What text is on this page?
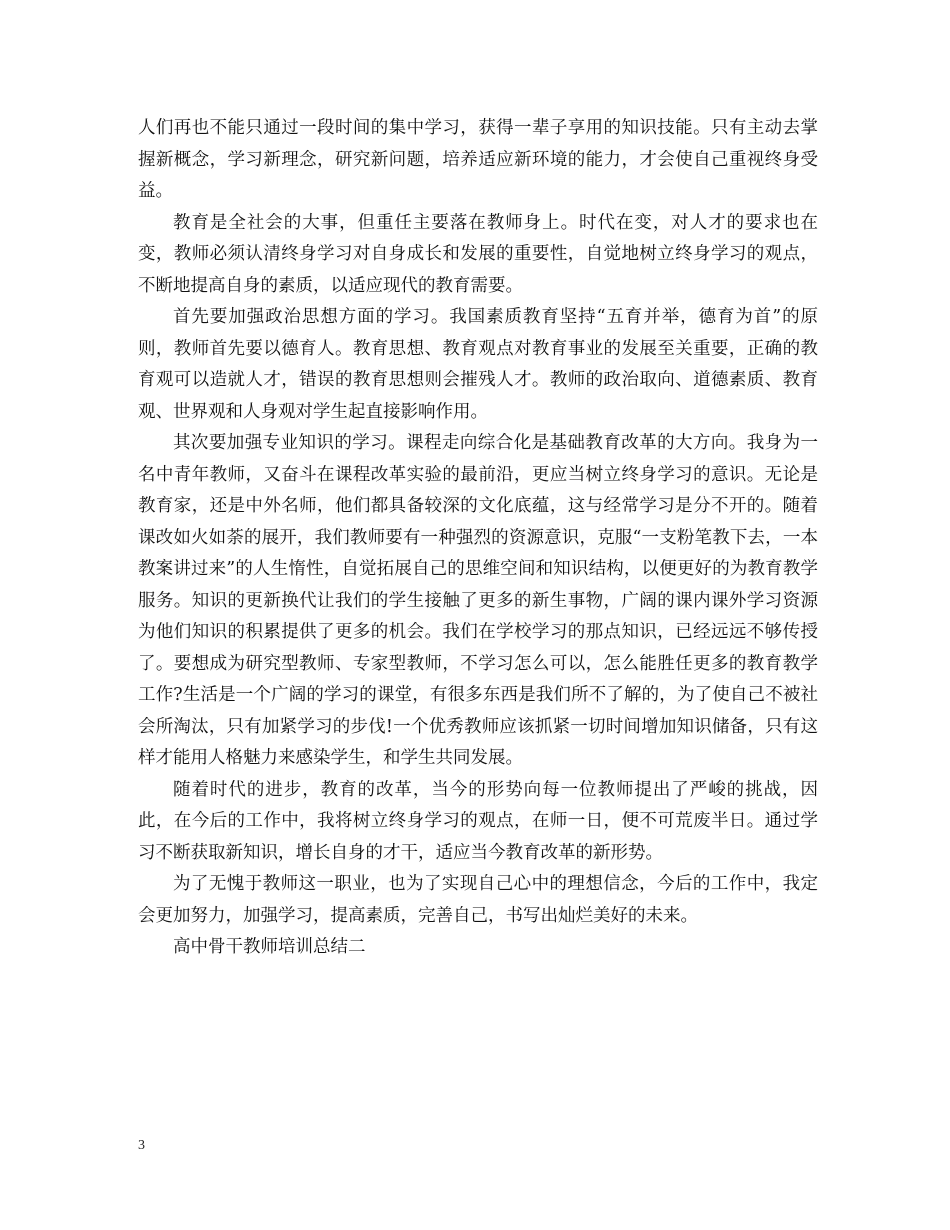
人们再也不能只通过一段时间的集中学习，获得一辈子享用的知识技能。只有主动去掌握新概念，学习新理念，研究新问题，培养适应新环境的能力，才会使自己重视终身受益。

教育是全社会的大事，但重任主要落在教师身上。时代在变，对人才的要求也在变，教师必须认清终身学习对自身成长和发展的重要性，自觉地树立终身学习的观点，不断地提高自身的素质，以适应现代的教育需要。

首先要加强政治思想方面的学习。我国素质教育坚持“五育并举，德育为首”的原则，教师首先要以德育人。教育思想、教育观点对教育事业的发展至关重要，正确的教育观可以造就人才，错误的教育思想则会摧残人才。教师的政治取向、道德素质、教育观、世界观和人身观对学生起直接影响作用。

其次要加强专业知识的学习。课程走向综合化是基础教育改革的大方向。我身为一名中青年教师，又奋斗在课程改革实验的最前沿，更应当树立终身学习的意识。无论是教育家，还是中外名师，他们都具备较深的文化底蕴，这与经常学习是分不开的。随着课改如火如荼的展开，我们教师要有一种强烈的资源意识，克服“一支粉笔教下去，一本教案讲过来”的人生惰性，自觉拓展自己的思维空间和知识结构，以便更好的为教育教学服务。知识的更新换代让我们的学生接触了更多的新生事物，广阔的课内课外学习资源为他们知识的积累提供了更多的机会。我们在学校学习的那点知识，已经远远不够传授了。要想成为研究型教师、专家型教师，不学习怎么可以，怎么能胜任更多的教育教学工作?生活是一个广阔的学习的课堂，有很多东西是我们所不了解的，为了使自己不被社会所淘汰，只有加紧学习的步伐!一个优秀教师应该抓紧一切时间增加知识储备，只有这样才能用人格魅力来感染学生，和学生共同发展。

随着时代的进步，教育的改革，当今的形势向每一位教师提出了严峻的挑战，因此，在今后的工作中，我将树立终身学习的观点，在师一日，便不可荒废半日。通过学习不断获取新知识，增长自身的才干，适应当今教育改革的新形势。

为了无愧于教师这一职业，也为了实现自己心中的理想信念，今后的工作中，我定会更加努力，加强学习，提高素质，完善自己，书写出灿烂美好的未来。

高中骨干教师培训总结二

3
